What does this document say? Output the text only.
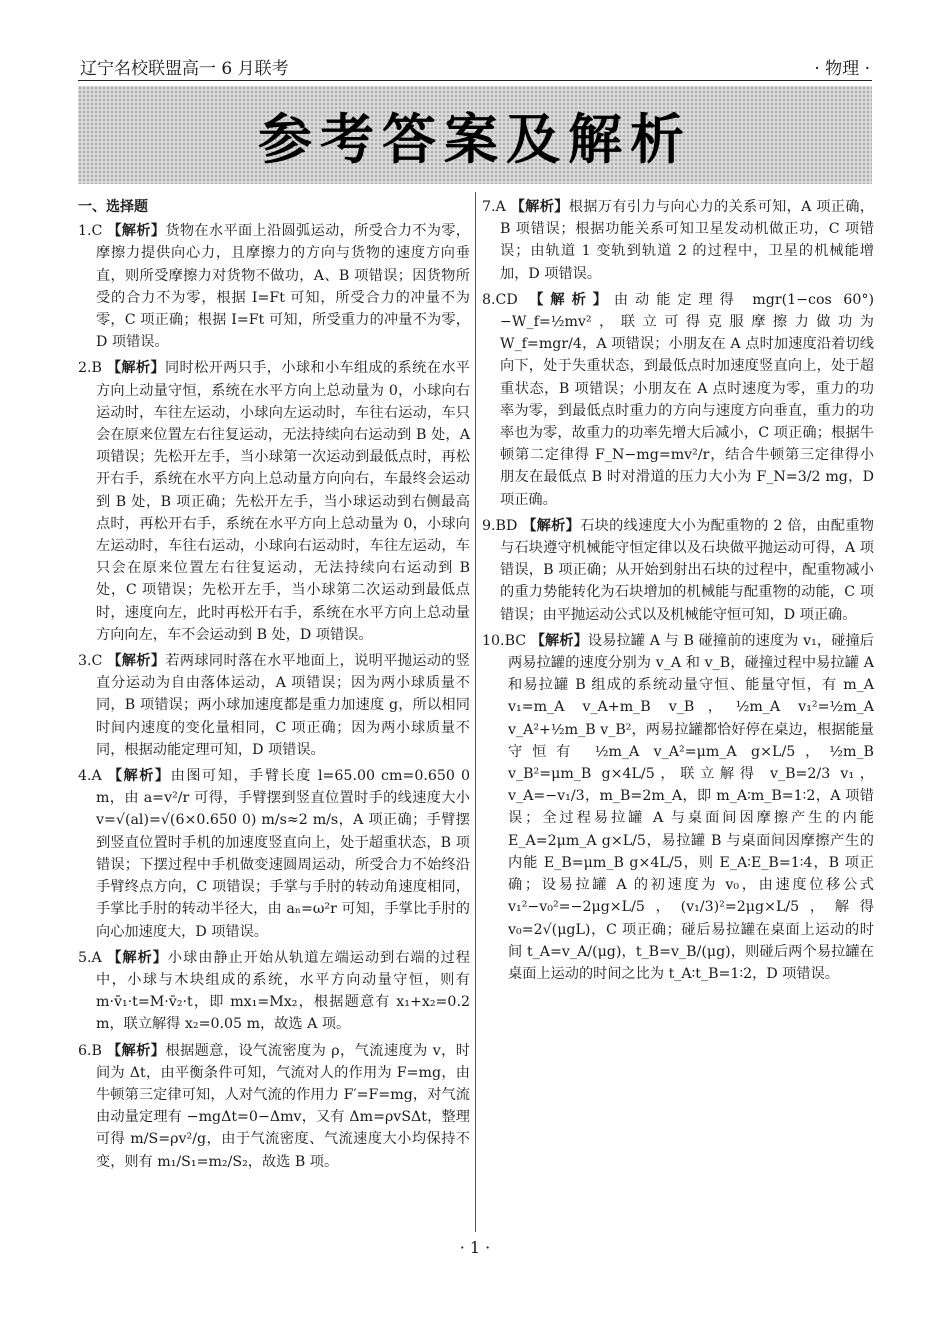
辽宁名校联盟高一 6 月联考	· 物理 ·
参考答案及解析
一、选择题

1.C 【解析】货物在水平面上沿圆弧运动，所受合力不为零，摩擦力提供向心力，且摩擦力的方向与货物的速度方向垂直，则所受摩擦力对货物不做功，A、B 项错误；因货物所受的合力不为零，根据 I=Ft 可知，所受合力的冲量不为零，C 项正确；根据 I=Ft 可知，所受重力的冲量不为零，D 项错误。

2.B 【解析】同时松开两只手，小球和小车组成的系统在水平方向上动量守恒，系统在水平方向上总动量为 0，小球向右运动时，车往左运动，小球向左运动时，车往右运动，车只会在原来位置左右往复运动，无法持续向右运动到 B 处，A 项错误；先松开左手，当小球第一次运动到最低点时，再松开右手，系统在水平方向上总动量方向向右，车最终会运动到 B 处，B 项正确；先松开左手，当小球运动到右侧最高点时，再松开右手，系统在水平方向上总动量为 0，小球向左运动时，车往右运动，小球向右运动时，车往左运动，车只会在原来位置左右往复运动，无法持续向右运动到 B 处，C 项错误；先松开左手，当小球第二次运动到最低点时，速度向左，此时再松开右手，系统在水平方向上总动量方向向左，车不会运动到 B 处，D 项错误。

3.C 【解析】若两球同时落在水平地面上，说明平抛运动的竖直分运动为自由落体运动，A 项错误；因为两小球质量不同，B 项错误；两小球加速度都是重力加速度 g，所以相同时间内速度的变化量相同，C 项正确；因为两小球质量不同，根据动能定理可知，D 项错误。

4.A 【解析】由图可知，手臂长度 l=65.00 cm=0.650 0 m，由 a=v²/r 可得，手臂摆到竖直位置时手的线速度大小 v=√(al)=√(6×0.650 0) m/s≈2 m/s，A 项正确；手臂摆到竖直位置时手机的加速度竖直向上，处于超重状态，B 项错误；下摆过程中手机做变速圆周运动，所受合力不始终沿手臂终点方向，C 项错误；手掌与手肘的转动角速度相同，手掌比手肘的转动半径大，由 aₙ=ω²r 可知，手掌比手肘的向心加速度大，D 项错误。

5.A 【解析】小球由静止开始从轨道左端运动到右端的过程中，小球与木块组成的系统，水平方向动量守恒，则有 m·v̄₁·t=M·v̄₂·t，即 mx₁=Mx₂，根据题意有 x₁+x₂=0.2 m，联立解得 x₂=0.05 m，故选 A 项。

6.B 【解析】根据题意，设气流密度为 ρ，气流速度为 v，时间为 Δt，由平衡条件可知，气流对人的作用为 F=mg，由牛顿第三定律可知，人对气流的作用力 F′=F=mg，对气流由动量定理有 −mgΔt=0−Δmv，又有 Δm=ρvSΔt，整理可得 m/S=ρv²/g，由于气流密度、气流速度大小均保持不变，则有 m₁/S₁=m₂/S₂，故选 B 项。

7.A 【解析】根据万有引力与向心力的关系可知，A 项正确，B 项错误；根据功能关系可知卫星发动机做正功，C 项错误；由轨道 1 变轨到轨道 2 的过程中，卫星的机械能增加，D 项错误。

8.CD 【解析】由动能定理得 mgr(1−cos 60°)−W_f=½mv²，联立可得克服摩擦力做功为 W_f=mgr/4，A 项错误；小朋友在 A 点时加速度沿着切线向下，处于失重状态，到最低点时加速度竖直向上，处于超重状态，B 项错误；小朋友在 A 点时速度为零，重力的功率为零，到最低点时重力的方向与速度方向垂直，重力的功率也为零，故重力的功率先增大后减小，C 项正确；根据牛顿第二定律得 F_N−mg=mv²/r，结合牛顿第三定律得小朋友在最低点 B 时对滑道的压力大小为 F_N=3/2 mg，D 项正确。

9.BD 【解析】石块的线速度大小为配重物的 2 倍，由配重物与石块遵守机械能守恒定律以及石块做平抛运动可得，A 项错误，B 项正确；从开始到射出石块的过程中，配重物减小的重力势能转化为石块增加的机械能与配重物的动能，C 项错误；由平抛运动公式以及机械能守恒可知，D 项正确。

10.BC 【解析】设易拉罐 A 与 B 碰撞前的速度为 v₁，碰撞后两易拉罐的速度分别为 v_A 和 v_B，碰撞过程中易拉罐 A 和易拉罐 B 组成的系统动量守恒、能量守恒，有 m_A v₁=m_A v_A+m_B v_B，½m_A v₁²=½m_A v_A²+½m_B v_B²，两易拉罐都恰好停在桌边，根据能量守恒有 ½m_A v_A²=μm_A g×L/5，½m_B v_B²=μm_B g×4L/5，联立解得 v_B=2/3 v₁，v_A=−v₁/3，m_B=2m_A，即 m_A∶m_B=1∶2，A 项错误；全过程易拉罐 A 与桌面间因摩擦产生的内能 E_A=2μm_A g×L/5，易拉罐 B 与桌面间因摩擦产生的内能 E_B=μm_B g×4L/5，则 E_A∶E_B=1∶4，B 项正确；设易拉罐 A 的初速度为 v₀，由速度位移公式 v₁²−v₀²=−2μg×L/5，(v₁/3)²=2μg×L/5，解得 v₀=2√(μgL)，C 项正确；碰后易拉罐在桌面上运动的时间 t_A=v_A/(μg)，t_B=v_B/(μg)，则碰后两个易拉罐在桌面上运动的时间之比为 t_A∶t_B=1∶2，D 项错误。

· 1 ·
